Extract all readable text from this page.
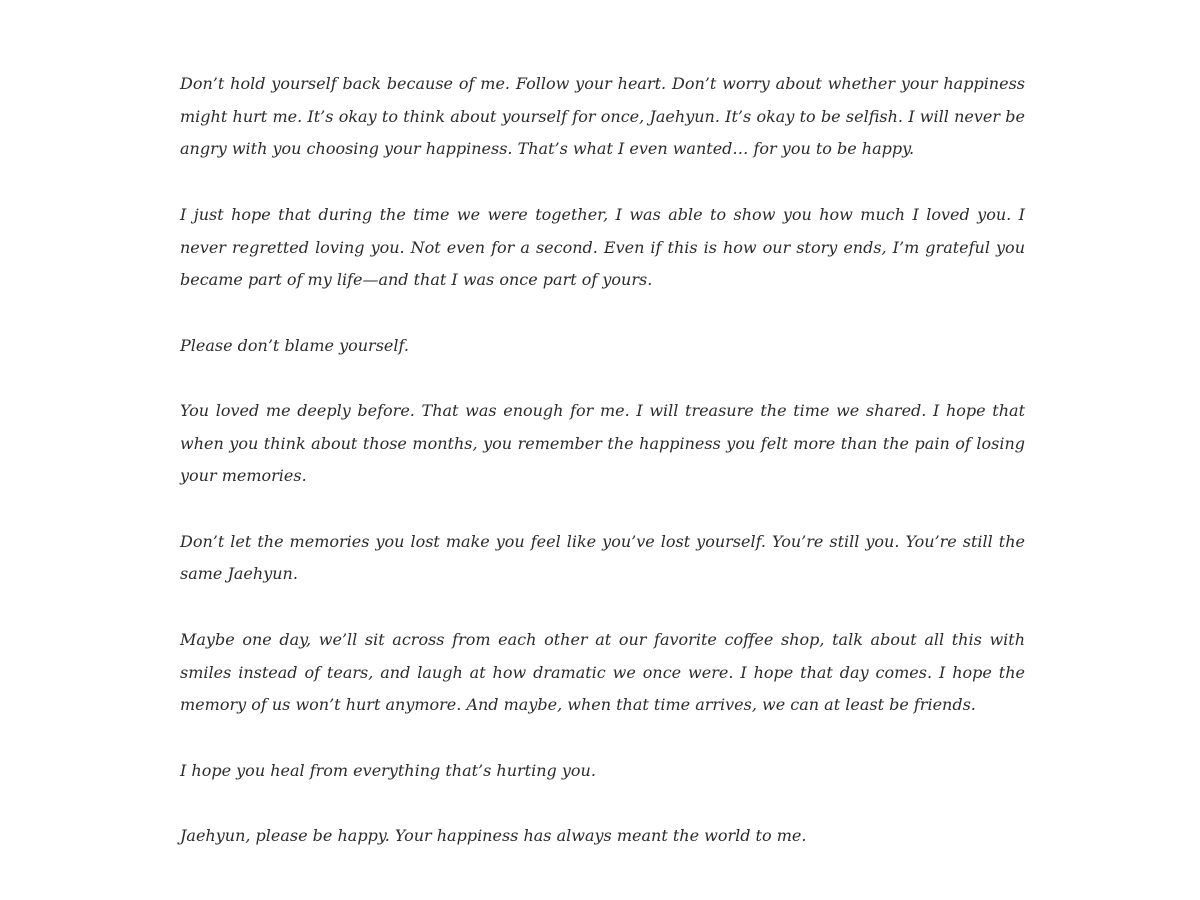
Don’t hold yourself back because of me. Follow your heart. Don’t worry about whether your happiness might hurt me. It’s okay to think about yourself for once, Jaehyun. It’s okay to be selfish. I will never be angry with you choosing your happiness. That’s what I even wanted… for you to be happy.

I just hope that during the time we were together, I was able to show you how much I loved you. I never regretted loving you. Not even for a second. Even if this is how our story ends, I’m grateful you became part of my life—and that I was once part of yours.

Please don’t blame yourself.

You loved me deeply before. That was enough for me. I will treasure the time we shared. I hope that when you think about those months, you remember the happiness you felt more than the pain of losing your memories.

Don’t let the memories you lost make you feel like you’ve lost yourself. You’re still you. You’re still the same Jaehyun.

Maybe one day, we’ll sit across from each other at our favorite coffee shop, talk about all this with smiles instead of tears, and laugh at how dramatic we once were. I hope that day comes. I hope the memory of us won’t hurt anymore. And maybe, when that time arrives, we can at least be friends.

I hope you heal from everything that’s hurting you.

Jaehyun, please be happy. Your happiness has always meant the world to me.
